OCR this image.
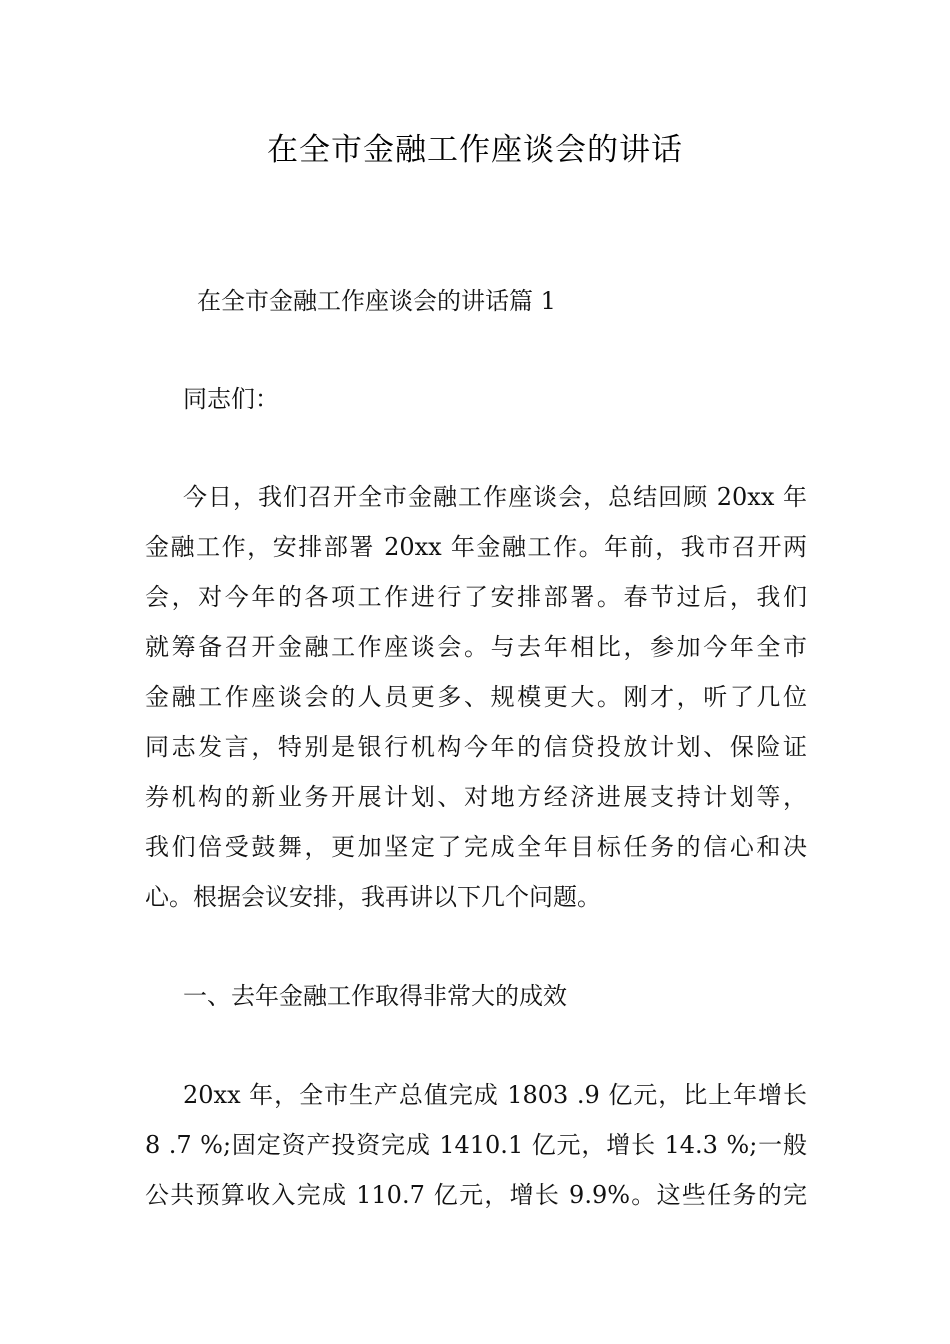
在全市金融工作座谈会的讲话
在全市金融工作座谈会的讲话篇 1
同志们：
今日，我们召开全市金融工作座谈会，总结回顾 20xx 年
金融工作，安排部署 20xx 年金融工作。年前，我市召开两
会，对今年的各项工作进行了安排部署。春节过后，我们
就筹备召开金融工作座谈会。与去年相比，参加今年全市
金融工作座谈会的人员更多、规模更大。刚才，听了几位
同志发言，特别是银行机构今年的信贷投放计划、保险证
券机构的新业务开展计划、对地方经济进展支持计划等，
我们倍受鼓舞，更加坚定了完成全年目标任务的信心和决
心。根据会议安排，我再讲以下几个问题。
一、去年金融工作取得非常大的成效
20xx 年，全市生产总值完成 1803 .9 亿元，比上年增长
8 .7 %;固定资产投资完成 1410.1 亿元，增长 14.3 %;一般
公共预算收入完成 110.7 亿元，增长 9.9%。这些任务的完
